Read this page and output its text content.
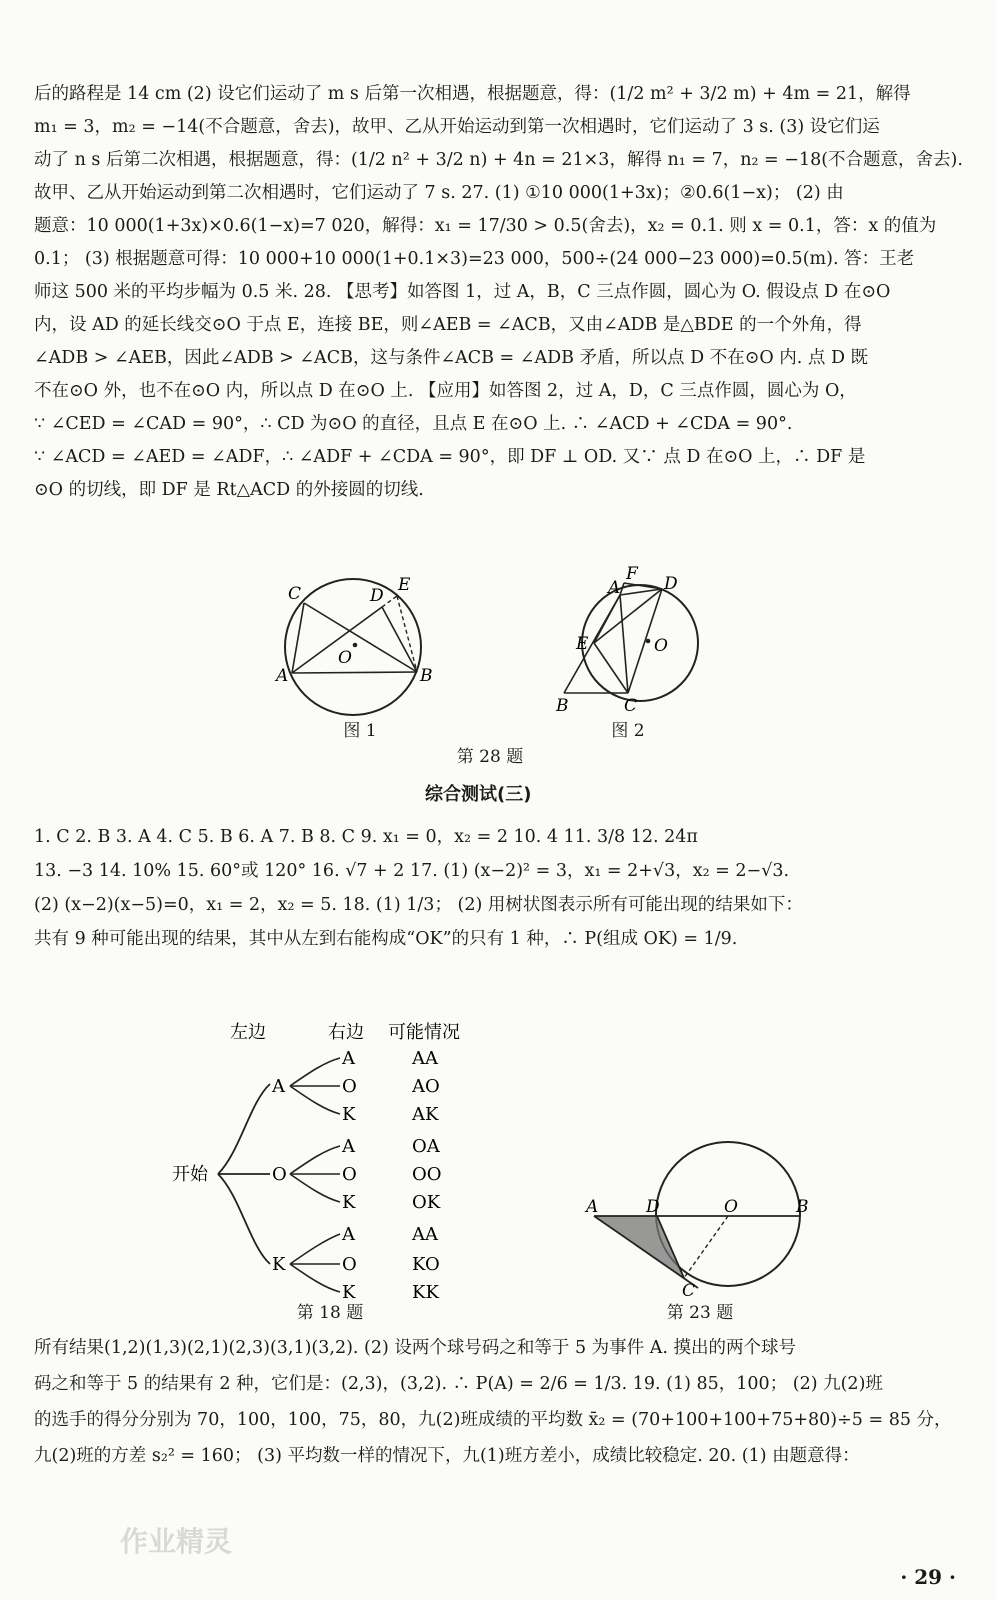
后的路程是 14 cm (2) 设它们运动了 m s 后第一次相遇，根据题意，得：(1/2 m² + 3/2 m) + 4m = 21，解得
m₁ = 3，m₂ = −14(不合题意，舍去)，故甲、乙从开始运动到第一次相遇时，它们运动了 3 s. (3) 设它们运
动了 n s 后第二次相遇，根据题意，得：(1/2 n² + 3/2 n) + 4n = 21×3，解得 n₁ = 7，n₂ = −18(不合题意，舍去).
故甲、乙从开始运动到第二次相遇时，它们运动了 7 s. 27. (1) ①10 000(1+3x)；②0.6(1−x)； (2) 由
题意：10 000(1+3x)×0.6(1−x)=7 020，解得：x₁ = 17/30 > 0.5(舍去)，x₂ = 0.1. 则 x = 0.1，答：x 的值为
0.1； (3) 根据题意可得：10 000+10 000(1+0.1×3)=23 000，500÷(24 000−23 000)=0.5(m). 答：王老
师这 500 米的平均步幅为 0.5 米. 28. 【思考】如答图 1，过 A，B，C 三点作圆，圆心为 O. 假设点 D 在⊙O
内，设 AD 的延长线交⊙O 于点 E，连接 BE，则∠AEB = ∠ACB，又由∠ADB 是△BDE 的一个外角，得
∠ADB > ∠AEB，因此∠ADB > ∠ACB，这与条件∠ACB = ∠ADB 矛盾，所以点 D 不在⊙O 内. 点 D 既
不在⊙O 外，也不在⊙O 内，所以点 D 在⊙O 上. 【应用】如答图 2，过 A，D，C 三点作圆，圆心为 O，
∵ ∠CED = ∠CAD = 90°，∴ CD 为⊙O 的直径，且点 E 在⊙O 上. ∴ ∠ACD + ∠CDA = 90°.
∵ ∠ACD = ∠AED = ∠ADF，∴ ∠ADF + ∠CDA = 90°，即 DF ⊥ OD. 又∵ 点 D 在⊙O 上，∴ DF 是
⊙O 的切线，即 DF 是 Rt△ACD 的外接圆的切线.
C	D
E
O
A	B
图 1
A
F D
E	O
B	C
图 2
第 28 题
综合测试(三)
1. C 2. B 3. A 4. C 5. B 6. A 7. B 8. C 9. x₁ = 0，x₂ = 2 10. 4 11. 3/8 12. 24π
13. −3 14. 10% 15. 60°或 120° 16. √7 + 2 17. (1) (x−2)² = 3，x₁ = 2+√3，x₂ = 2−√3.
(2) (x−2)(x−5)=0，x₁ = 2，x₂ = 5. 18. (1) 1/3； (2) 用树状图表示所有可能出现的结果如下：
共有 9 种可能出现的结果，其中从左到右能构成“OK”的只有 1 种，∴ P(组成 OK) = 1/9.
左边	右边 可能情况
开始
A
O
K
A
O
K
A
O
K
A
O
K
AA
AO
AK
OA
OO
OK
AA
KO
KK
第 18 题
A	D	O	B
C
第 23 题
所有结果(1,2)(1,3)(2,1)(2,3)(3,1)(3,2). (2) 设两个球号码之和等于 5 为事件 A. 摸出的两个球号
码之和等于 5 的结果有 2 种，它们是：(2,3)，(3,2). ∴ P(A) = 2/6 = 1/3. 19. (1) 85，100； (2) 九(2)班
的选手的得分分别为 70，100，100，75，80，九(2)班成绩的平均数 x̄₂ = (70+100+100+75+80)÷5 = 85 分，
九(2)班的方差 s₂² = 160； (3) 平均数一样的情况下，九(1)班方差小，成绩比较稳定. 20. (1) 由题意得：
作业精灵
· 29 ·
